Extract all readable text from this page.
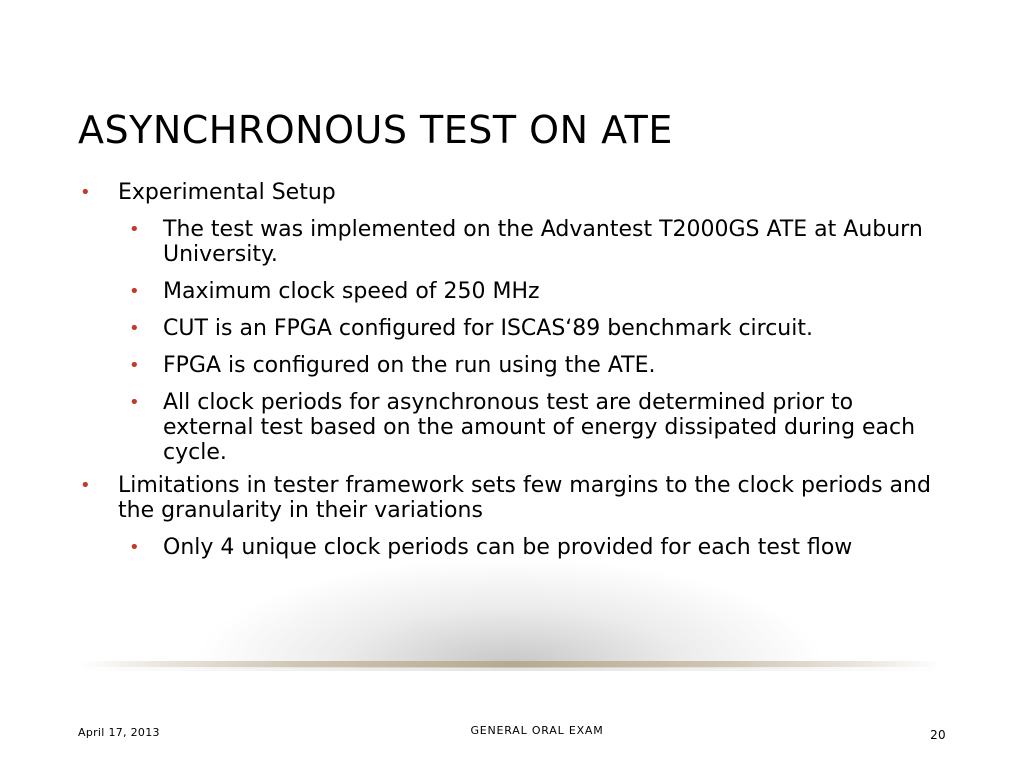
ASYNCHRONOUS TEST ON ATE
• Experimental Setup
• The test was implemented on the Advantest T2000GS ATE at Auburn University.
• Maximum clock speed of 250 MHz
• CUT is an FPGA configured for ISCAS‘89 benchmark circuit.
• FPGA is configured on the run using the ATE.
• All clock periods for asynchronous test are determined prior to external test based on the amount of energy dissipated during each cycle.
• Limitations in tester framework sets few margins to the clock periods and the granularity in their variations
• Only 4 unique clock periods can be provided for each test flow
April 17, 2013	GENERAL ORAL EXAM	20
